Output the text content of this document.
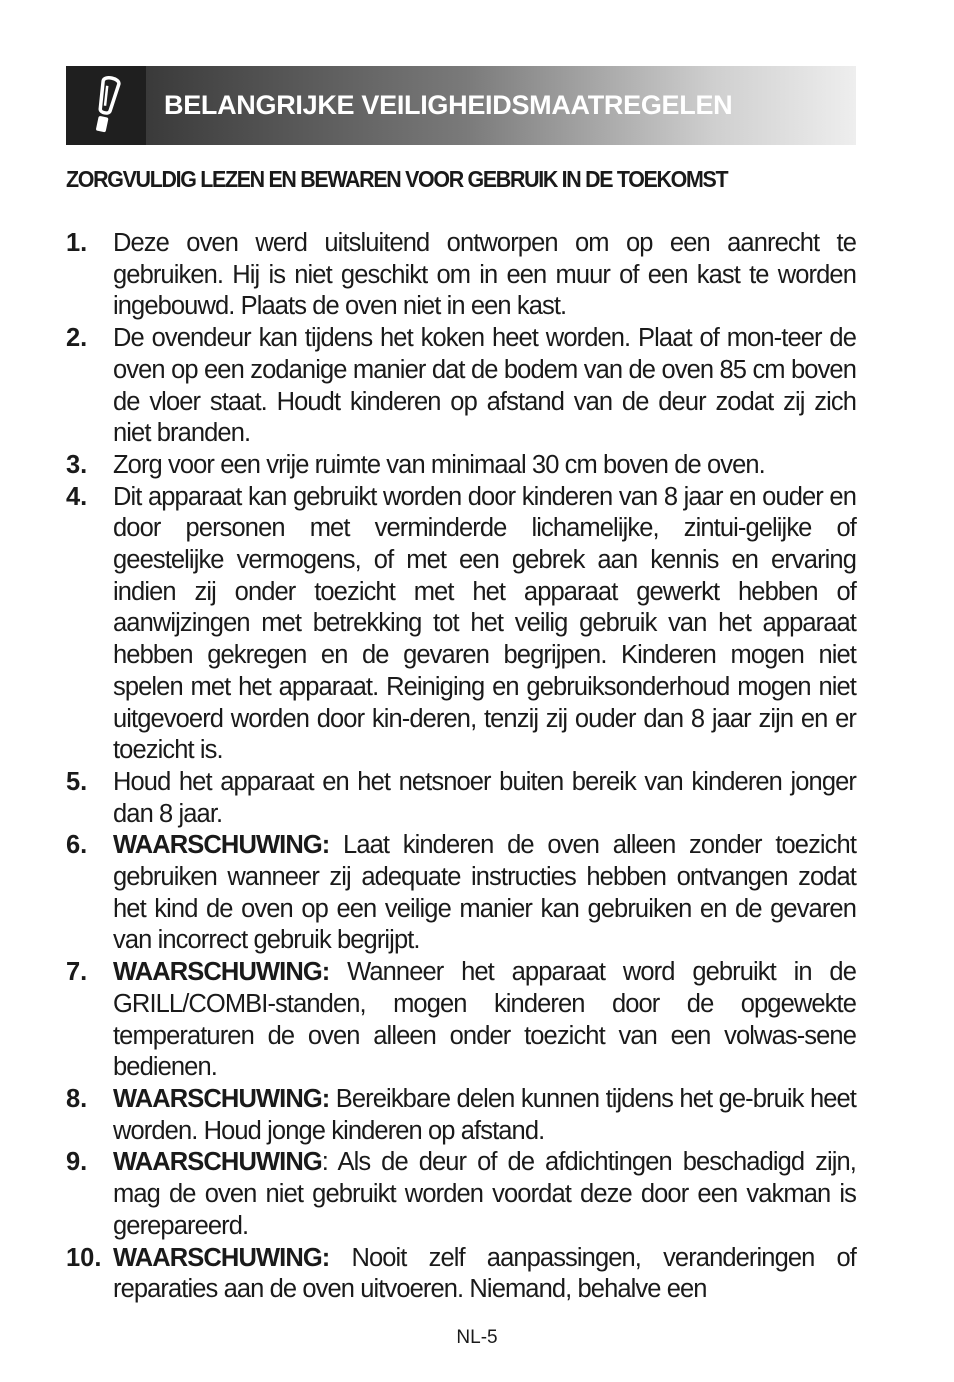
BELANGRIJKE VEILIGHEIDSMAATREGELEN
ZORGVULDIG LEZEN EN BEWAREN VOOR GEBRUIK IN DE TOEKOMST
1. Deze oven werd uitsluitend ontworpen om op een aanrecht te gebruiken. Hij is niet geschikt om in een muur of een kast te worden ingebouwd. Plaats de oven niet in een kast.
2. De ovendeur kan tijdens het koken heet worden. Plaat of mon-teer de oven op een zodanige manier dat de bodem van de oven 85 cm boven de vloer staat. Houdt kinderen op afstand van de deur zodat zij zich niet branden.
3. Zorg voor een vrije ruimte van minimaal 30 cm boven de oven.
4. Dit apparaat kan gebruikt worden door kinderen van 8 jaar en ouder en door personen met verminderde lichamelijke, zintui-gelijke of geestelijke vermogens, of met een gebrek aan kennis en ervaring indien zij onder toezicht met het apparaat gewerkt hebben of aanwijzingen met betrekking tot het veilig gebruik van het apparaat hebben gekregen en de gevaren begrijpen. Kinderen mogen niet spelen met het apparaat. Reiniging en gebruiksonderhoud mogen niet uitgevoerd worden door kin-deren, tenzij zij ouder dan 8 jaar zijn en er toezicht is.
5. Houd het apparaat en het netsnoer buiten bereik van kinderen jonger dan 8 jaar.
6. WAARSCHUWING: Laat kinderen de oven alleen zonder toezicht gebruiken wanneer zij adequate instructies hebben ontvangen zodat het kind de oven op een veilige manier kan gebruiken en de gevaren van incorrect gebruik begrijpt.
7. WAARSCHUWING: Wanneer het apparaat word gebruikt in de GRILL/COMBI-standen, mogen kinderen door de opgewekte temperaturen de oven alleen onder toezicht van een volwas-sene bedienen.
8. WAARSCHUWING: Bereikbare delen kunnen tijdens het ge-bruik heet worden. Houd jonge kinderen op afstand.
9. WAARSCHUWING: Als de deur of de afdichtingen beschadigd zijn, mag de oven niet gebruikt worden voordat deze door een vakman is gerepareerd.
10. WAARSCHUWING: Nooit zelf aanpassingen, veranderingen of reparaties aan de oven uitvoeren. Niemand, behalve een
NL-5
